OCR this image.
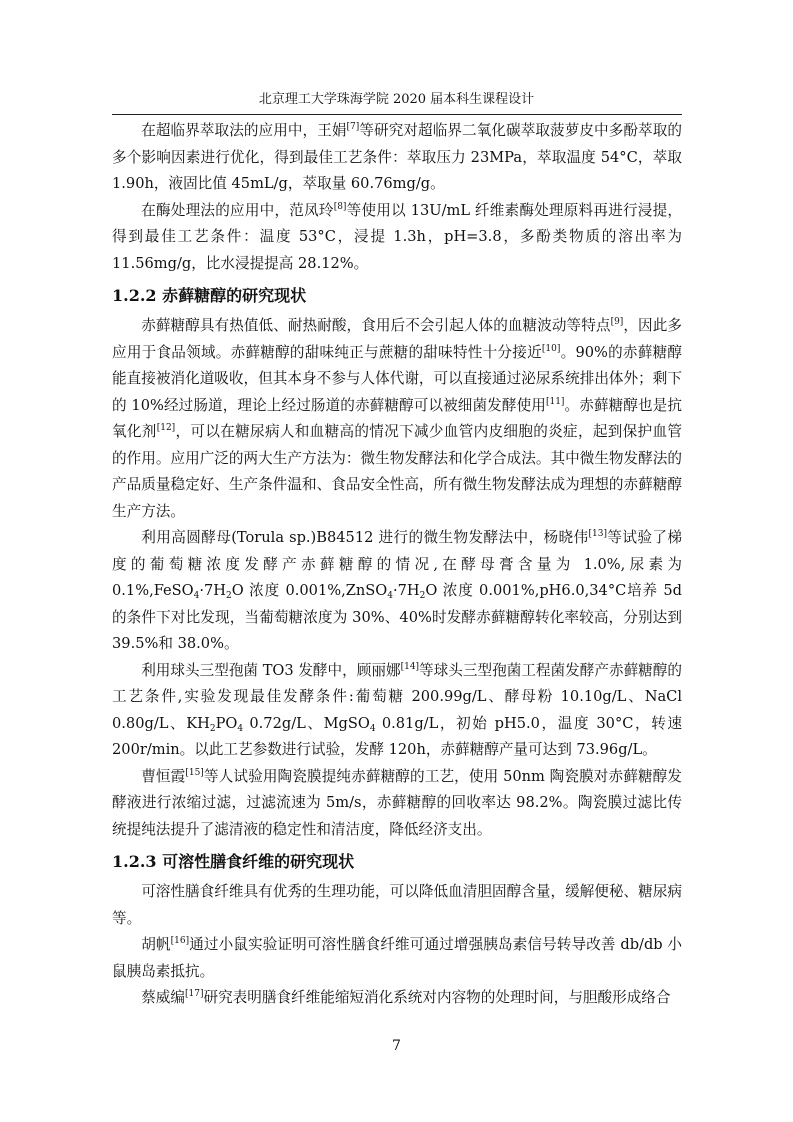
北京理工大学珠海学院 2020 届本科生课程设计

在超临界萃取法的应用中，王娟[7]等研究对超临界二氧化碳萃取菠萝皮中多酚萃取的多个影响因素进行优化，得到最佳工艺条件：萃取压力 23MPa，萃取温度 54°C，萃取 1.90h，液固比值 45mL/g，萃取量 60.76mg/g。

在酶处理法的应用中，范凤玲[8]等使用以 13U/mL 纤维素酶处理原料再进行浸提，得到最佳工艺条件：温度 53°C，浸提 1.3h，pH=3.8，多酚类物质的溶出率为 11.56mg/g，比水浸提提高 28.12%。

1.2.2 赤藓糖醇的研究现状

赤藓糖醇具有热值低、耐热耐酸，食用后不会引起人体的血糖波动等特点[9]，因此多应用于食品领域。赤藓糖醇的甜味纯正与蔗糖的甜味特性十分接近[10]。90%的赤藓糖醇能直接被消化道吸收，但其本身不参与人体代谢，可以直接通过泌尿系统排出体外；剩下的 10%经过肠道，理论上经过肠道的赤藓糖醇可以被细菌发酵使用[11]。赤藓糖醇也是抗氧化剂[12]，可以在糖尿病人和血糖高的情况下减少血管内皮细胞的炎症，起到保护血管的作用。应用广泛的两大生产方法为：微生物发酵法和化学合成法。其中微生物发酵法的产品质量稳定好、生产条件温和、食品安全性高，所有微生物发酵法成为理想的赤藓糖醇生产方法。

利用高圆酵母(Torula sp.)B84512 进行的微生物发酵法中，杨晓伟[13]等试验了梯度的葡萄糖浓度发酵产赤藓糖醇的情况,在酵母膏含量为 1.0%,尿素为 $0.1\%,FeSO_4\cdot 7H_2O$ 浓度 $0.001\%,ZnSO_4\cdot 7H_2O$ 浓度 0.001%,pH6.0,34°C培养 5d 的条件下对比发现，当葡萄糖浓度为 30%、40%时发酵赤藓糖醇转化率较高，分别达到 39.5%和 38.0%。

利用球头三型孢菌 TO3 发酵中，顾丽娜[14]等球头三型孢菌工程菌发酵产赤藓糖醇的工艺条件,实验发现最佳发酵条件:葡萄糖 200.99g/L、酵母粉 10.10g/L、NaCl 0.80g/L、$KH_2PO_4$ 0.72g/L、MgSO$_4$ 0.81g/L，初始 pH5.0，温度 30°C，转速 200r/min。以此工艺参数进行试验，发酵 120h，赤藓糖醇产量可达到 73.96g/L。

曹恒霞[15]等人试验用陶瓷膜提纯赤藓糖醇的工艺，使用 50nm 陶瓷膜对赤藓糖醇发酵液进行浓缩过滤，过滤流速为 5m/s，赤藓糖醇的回收率达 98.2%。陶瓷膜过滤比传统提纯法提升了滤清液的稳定性和清洁度，降低经济支出。

1.2.3 可溶性膳食纤维的研究现状

可溶性膳食纤维具有优秀的生理功能，可以降低血清胆固醇含量，缓解便秘、糖尿病等。

胡帆[16]通过小鼠实验证明可溶性膳食纤维可通过增强胰岛素信号转导改善 db/db 小鼠胰岛素抵抗。

蔡威编[17]研究表明膳食纤维能缩短消化系统对内容物的处理时间，与胆酸形成络合

7
